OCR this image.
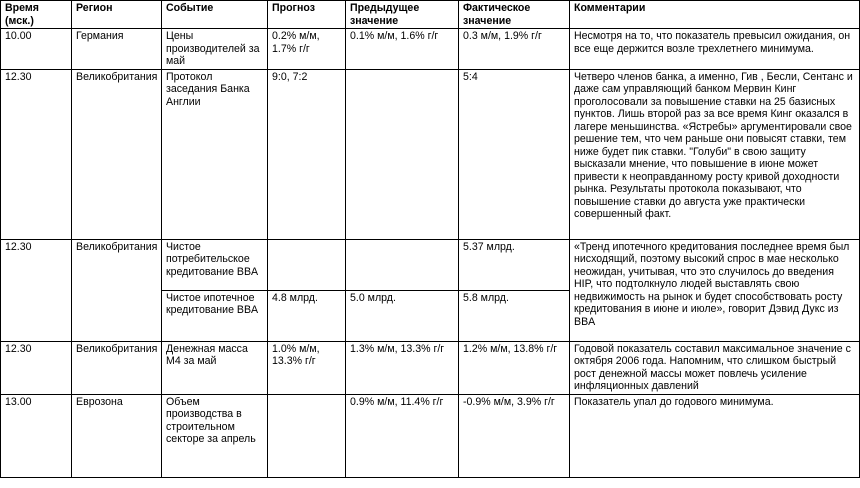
Время (мск.)	Регион	Событие	Прогноз	Предыдущее значение	Фактическое значение	Комментарии
10.00	Германия	Цены производителей за май	0.2% м/м, 1.7% г/г	0.1% м/м, 1.6% г/г	0.3 м/м, 1.9% г/г	Несмотря на то, что показатель превысил ожидания, он все еще держится возле трехлетнего минимума.
12.30	Великобритания	Протокол заседания Банка Англии	9:0, 7:2		5:4	Четверо членов банка, а именно, Гив , Бесли, Сентанс и даже сам управляющий банком Мервин Кинг проголосовали за повышение ставки на 25 базисных пунктов. Лишь второй раз за все время Кинг оказался в лагере меньшинства. «Ястребы» аргументировали свое решение тем, что чем раньше они повысят ставки, тем ниже будет пик ставки. "Голуби" в свою защиту высказали мнение, что повышение в июне может привести к неоправданному росту кривой доходности рынка. Результаты протокола показывают, что повышение ставки до августа уже практически совершенный факт.
12.30	Великобритания	Чистое потребительское кредитование BBA			5.37 млрд.	«Тренд ипотечного кредитования последнее время был нисходящий, поэтому высокий спрос в мае несколько неожидан, учитывая, что это случилось до введения HIP, что подтолкнуло людей выставлять свою недвижимость на рынок и будет способствовать росту кредитования в июне и июле», говорит Дэвид Дукс из BBA
		Чистое ипотечное кредитование BBA	4.8 млрд.	5.0 млрд.	5.8 млрд.	
12.30	Великобритания	Денежная масса M4 за май	1.0% м/м, 13.3% г/г	1.3% м/м, 13.3% г/г	1.2% м/м, 13.8% г/г	Годовой показатель составил максимальное значение с октября 2006 года. Напомним, что слишком быстрый рост денежной массы может повлечь усиление инфляционных давлений
13.00	Еврозона	Объем производства в строительном секторе за апрель		0.9% м/м, 11.4% г/г	-0.9% м/м, 3.9% г/г	Показатель упал до годового минимума.
